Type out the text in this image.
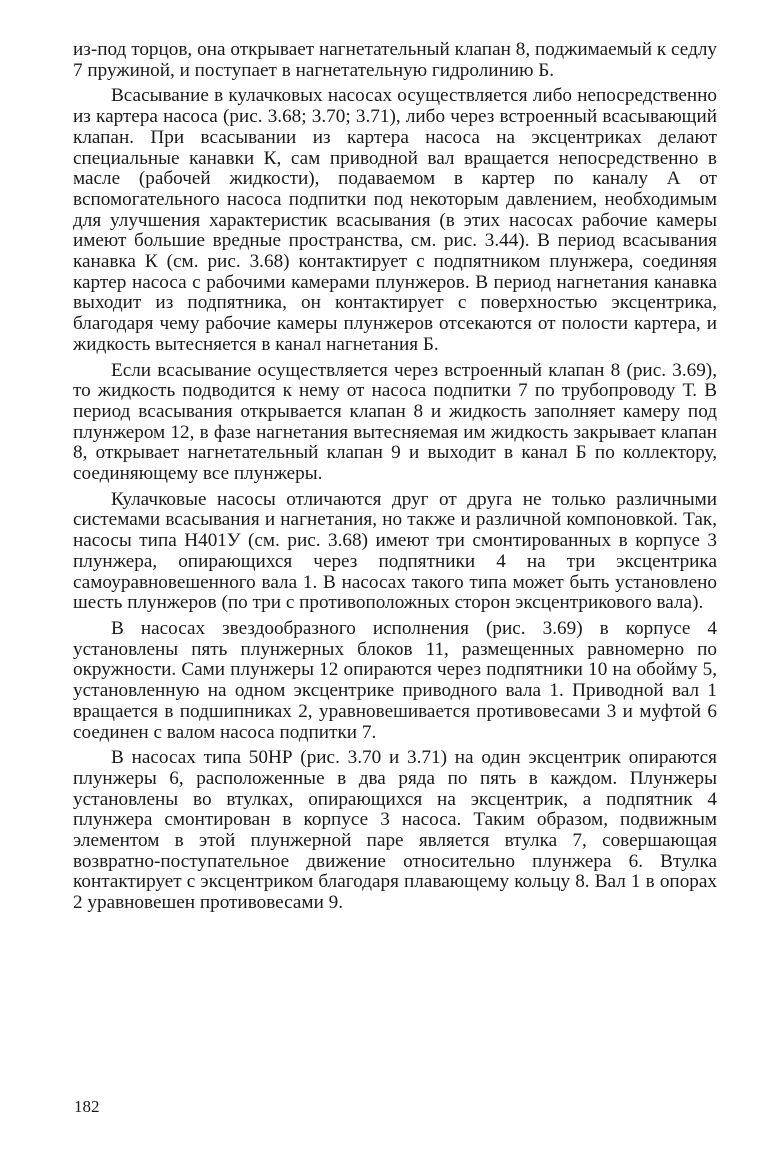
из-под торцов, она открывает нагнетательный клапан 8, поджимаемый к седлу 7 пружиной, и поступает в нагнетательную гидролинию Б.

Всасывание в кулачковых насосах осуществляется либо непосредственно из картера насоса (рис. 3.68; 3.70; 3.71), либо через встроенный всасывающий клапан. При всасывании из картера насоса на эксцентриках делают специальные канавки К, сам приводной вал вращается непосредственно в масле (рабочей жидкости), подаваемом в картер по каналу А от вспомогательного насоса подпитки под некоторым давлением, необходимым для улучшения характеристик всасывания (в этих насосах рабочие камеры имеют большие вредные пространства, см. рис. 3.44). В период всасывания канавка К (см. рис. 3.68) контактирует с подпятником плунжера, соединяя картер насоса с рабочими камерами плунжеров. В период нагнетания канавка выходит из подпятника, он контактирует с поверхностью эксцентрика, благодаря чему рабочие камеры плунжеров отсекаются от полости картера, и жидкость вытесняется в канал нагнетания Б.

Если всасывание осуществляется через встроенный клапан 8 (рис. 3.69), то жидкость подводится к нему от насоса подпитки 7 по трубопроводу Т. В период всасывания открывается клапан 8 и жидкость заполняет камеру под плунжером 12, в фазе нагнетания вытесняемая им жидкость закрывает клапан 8, открывает нагнетательный клапан 9 и выходит в канал Б по коллектору, соединяющему все плунжеры.

Кулачковые насосы отличаются друг от друга не только различными системами всасывания и нагнетания, но также и различной компоновкой. Так, насосы типа Н401У (см. рис. 3.68) имеют три смонтированных в корпусе 3 плунжера, опирающихся через подпятники 4 на три эксцентрика самоуравновешенного вала 1. В насосах такого типа может быть установлено шесть плунжеров (по три с противоположных сторон эксцентрикового вала).

В насосах звездообразного исполнения (рис. 3.69) в корпусе 4 установлены пять плунжерных блоков 11, размещенных равномерно по окружности. Сами плунжеры 12 опираются через подпятники 10 на обойму 5, установленную на одном эксцентрике приводного вала 1. Приводной вал 1 вращается в подшипниках 2, уравновешивается противовесами 3 и муфтой 6 соединен с валом насоса подпитки 7.

В насосах типа 50НР (рис. 3.70 и 3.71) на один эксцентрик опираются плунжеры 6, расположенные в два ряда по пять в каждом. Плунжеры установлены во втулках, опирающихся на эксцентрик, а подпятник 4 плунжера смонтирован в корпусе 3 насоса. Таким образом, подвижным элементом в этой плунжерной паре является втулка 7, совершающая возвратно-поступательное движение относительно плунжера 6. Втулка контактирует с эксцентриком благодаря плавающему кольцу 8. Вал 1 в опорах 2 уравновешен противовесами 9.

182
